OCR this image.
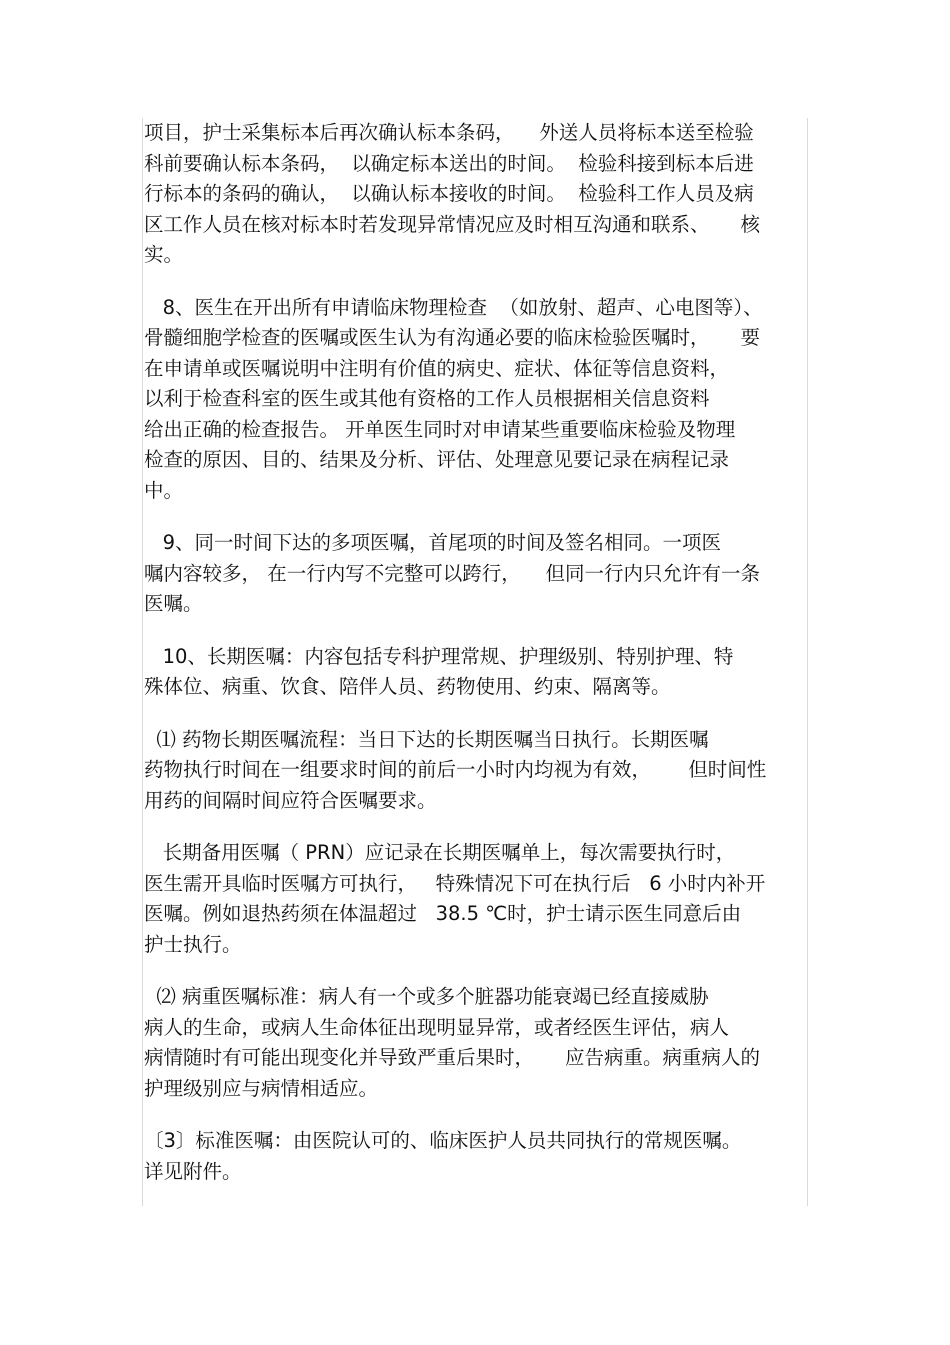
项目，护士采集标本后再次确认标本条码，    外送人员将标本送至检验
科前要确认标本条码，  以确定标本送出的时间。  检验科接到标本后进
行标本的条码的确认，  以确认标本接收的时间。  检验科工作人员及病
区工作人员在核对标本时若发现异常情况应及时相互沟通和联系、     核
实。
8、医生在开出所有申请临床物理检查  （如放射、超声、心电图等）、
骨髓细胞学检查的医嘱或医生认为有沟通必要的临床检验医嘱时，     要
在申请单或医嘱说明中注明有价值的病史、症状、体征等信息资料，
以利于检查科室的医生或其他有资格的工作人员根据相关信息资料
给出正确的检查报告。 开单医生同时对申请某些重要临床检验及物理
检查的原因、目的、结果及分析、评估、处理意见要记录在病程记录
中。
9、同一时间下达的多项医嘱，首尾项的时间及签名相同。一项医
嘱内容较多， 在一行内写不完整可以跨行，    但同一行内只允许有一条
医嘱。
10、长期医嘱：内容包括专科护理常规、护理级别、特别护理、特
殊体位、病重、饮食、陪伴人员、药物使用、约束、隔离等。
⑴ 药物长期医嘱流程：当日下达的长期医嘱当日执行。长期医嘱
药物执行时间在一组要求时间的前后一小时内均视为有效，      但时间性
用药的间隔时间应符合医嘱要求。
长期备用医嘱（ PRN）应记录在长期医嘱单上，每次需要执行时，
医生需开具临时医嘱方可执行，   特殊情况下可在执行后   6 小时内补开
医嘱。例如退热药须在体温超过   38.5 ℃时，护士请示医生同意后由
护士执行。
⑵ 病重医嘱标准：病人有一个或多个脏器功能衰竭已经直接威胁
病人的生命，或病人生命体征出现明显异常，或者经医生评估，病人
病情随时有可能出现变化并导致严重后果时，     应告病重。病重病人的
护理级别应与病情相适应。
〔3〕标准医嘱：由医院认可的、临床医护人员共同执行的常规医嘱。
详见附件。
